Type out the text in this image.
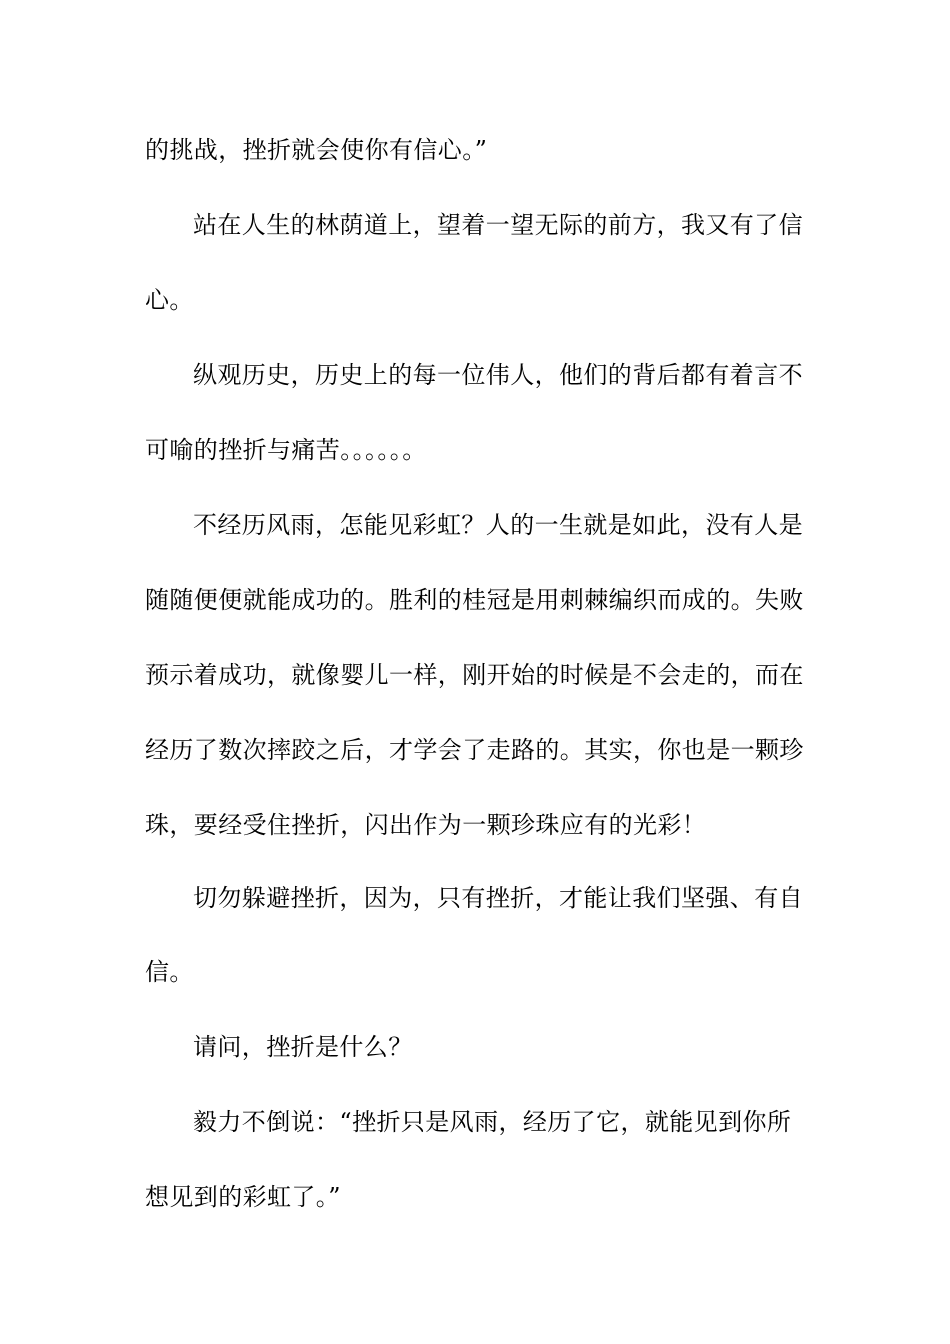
的挑战，挫折就会使你有信心。”
站在人生的林荫道上，望着一望无际的前方，我又有了信
心。
纵观历史，历史上的每一位伟人，他们的背后都有着言不
可喻的挫折与痛苦。。。。。。
不经历风雨，怎能见彩虹？人的一生就是如此，没有人是
随随便便就能成功的。胜利的桂冠是用刺棘编织而成的。失败
预示着成功，就像婴儿一样，刚开始的时候是不会走的，而在
经历了数次摔跤之后，才学会了走路的。其实，你也是一颗珍
珠，要经受住挫折，闪出作为一颗珍珠应有的光彩！
切勿躲避挫折，因为，只有挫折，才能让我们坚强、有自
信。
请问，挫折是什么？
毅力不倒说：“挫折只是风雨，经历了它，就能见到你所
想见到的彩虹了。”
